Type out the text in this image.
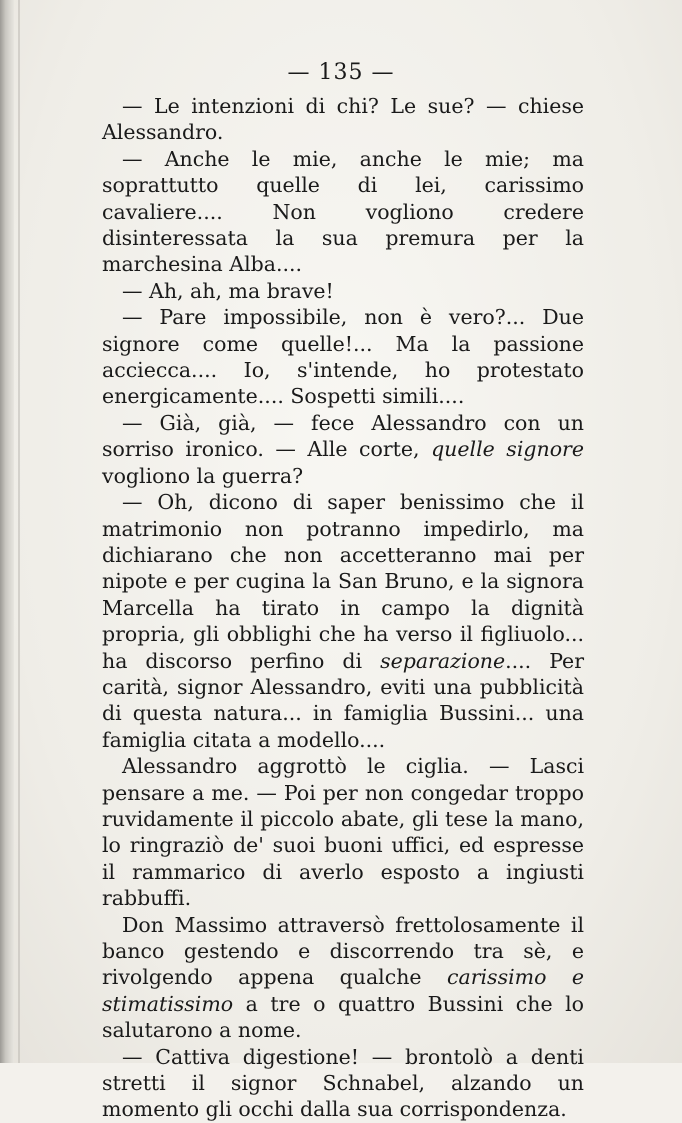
— 135 —

— Le intenzioni di chi? Le sue? — chiese Alessandro.

— Anche le mie, anche le mie; ma soprattutto quelle di lei, carissimo cavaliere.... Non vogliono credere disinteressata la sua premura per la marchesina Alba....

— Ah, ah, ma brave!

— Pare impossibile, non è vero?... Due signore come quelle!... Ma la passione acciecca.... Io, s'intende, ho protestato energicamente.... Sospetti simili....

— Già, già, — fece Alessandro con un sorriso ironico. — Alle corte, quelle signore vogliono la guerra?

— Oh, dicono di saper benissimo che il matrimonio non potranno impedirlo, ma dichiarano che non accetteranno mai per nipote e per cugina la San Bruno, e la signora Marcella ha tirato in campo la dignità propria, gli obblighi che ha verso il figliuolo... ha discorso perfino di separazione.... Per carità, signor Alessandro, eviti una pubblicità di questa natura... in famiglia Bussini... una famiglia citata a modello....

Alessandro aggrottò le ciglia. — Lasci pensare a me. — Poi per non congedar troppo ruvidamente il piccolo abate, gli tese la mano, lo ringraziò de' suoi buoni uffici, ed espresse il rammarico di averlo esposto a ingiusti rabbuffi.

Don Massimo attraversò frettolosamente il banco gestendo e discorrendo tra sè, e rivolgendo appena qualche carissimo e stimatissimo a tre o quattro Bussini che lo salutarono a nome.

— Cattiva digestione! — brontolò a denti stretti il signor Schnabel, alzando un momento gli occhi dalla sua corrispondenza.
